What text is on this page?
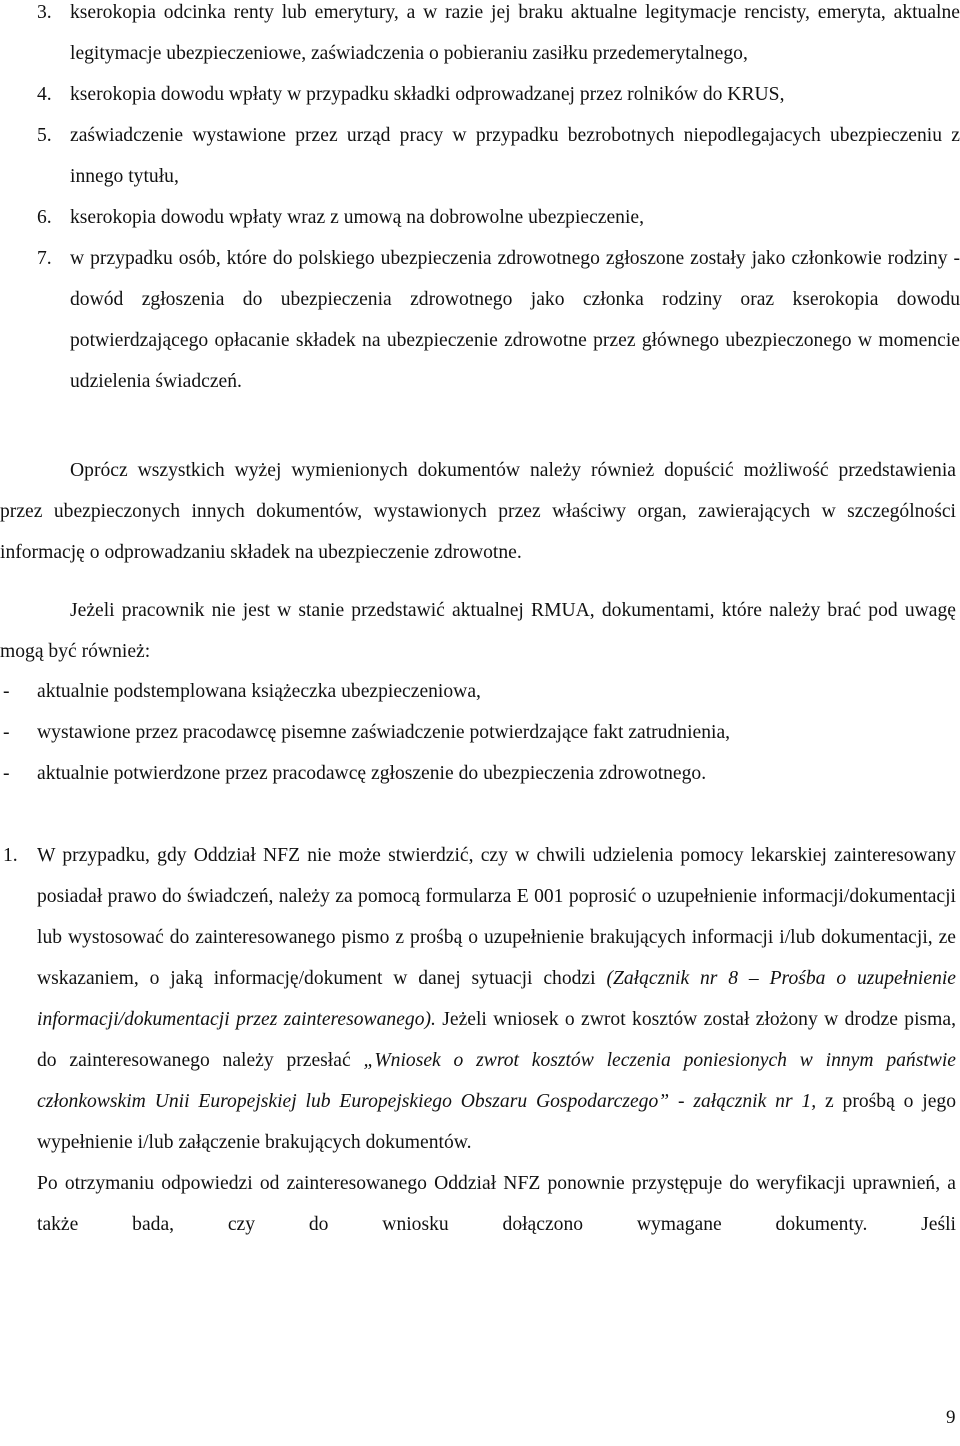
3. kserokopia odcinka renty lub emerytury, a w razie jej braku aktualne legitymacje rencisty, emeryta, aktualne legitymacje ubezpieczeniowe, zaświadczenia o pobieraniu zasiłku przedemerytalnego,
4. kserokopia dowodu wpłaty w przypadku składki odprowadzanej przez rolników do KRUS,
5. zaświadczenie wystawione przez urząd pracy w przypadku bezrobotnych niepodlegajacych ubezpieczeniu z innego tytułu,
6. kserokopia dowodu wpłaty wraz z umową na dobrowolne ubezpieczenie,
7. w przypadku osób, które do polskiego ubezpieczenia zdrowotnego zgłoszone zostały jako członkowie rodziny - dowód zgłoszenia do ubezpieczenia zdrowotnego jako członka rodziny oraz kserokopia dowodu potwierdzającego opłacanie składek na ubezpieczenie zdrowotne przez głównego ubezpieczonego w momencie udzielenia świadczeń.
Oprócz wszystkich wyżej wymienionych dokumentów należy również dopuścić możliwość przedstawienia przez ubezpieczonych innych dokumentów, wystawionych przez właściwy organ, zawierających w szczególności informację o odprowadzaniu składek na ubezpieczenie zdrowotne.
Jeżeli pracownik nie jest w stanie przedstawić aktualnej RMUA, dokumentami, które należy brać pod uwagę mogą być również:
- aktualnie podstemplowana książeczka ubezpieczeniowa,
- wystawione przez pracodawcę pisemne zaświadczenie potwierdzające fakt zatrudnienia,
- aktualnie potwierdzone przez pracodawcę zgłoszenie do ubezpieczenia zdrowotnego.
1. W przypadku, gdy Oddział NFZ nie może stwierdzić, czy w chwili udzielenia pomocy lekarskiej zainteresowany posiadał prawo do świadczeń, należy za pomocą formularza E 001 poprosić o uzupełnienie informacji/dokumentacji lub wystosować do zainteresowanego pismo z prośbą o uzupełnienie brakujących informacji i/lub dokumentacji, ze wskazaniem, o jaką informację/dokument w danej sytuacji chodzi (Załącznik nr 8 – Prośba o uzupełnienie informacji/dokumentacji przez zainteresowanego). Jeżeli wniosek o zwrot kosztów został złożony w drodze pisma, do zainteresowanego należy przesłać „Wniosek o zwrot kosztów leczenia poniesionych w innym państwie członkowskim Unii Europejskiej lub Europejskiego Obszaru Gospodarczego” - załącznik nr 1, z prośbą o jego wypełnienie i/lub załączenie brakujących dokumentów.
Po otrzymaniu odpowiedzi od zainteresowanego Oddział NFZ ponownie przystępuje do weryfikacji uprawnień, a także bada, czy do wniosku dołączono wymagane dokumenty. Jeśli
9
